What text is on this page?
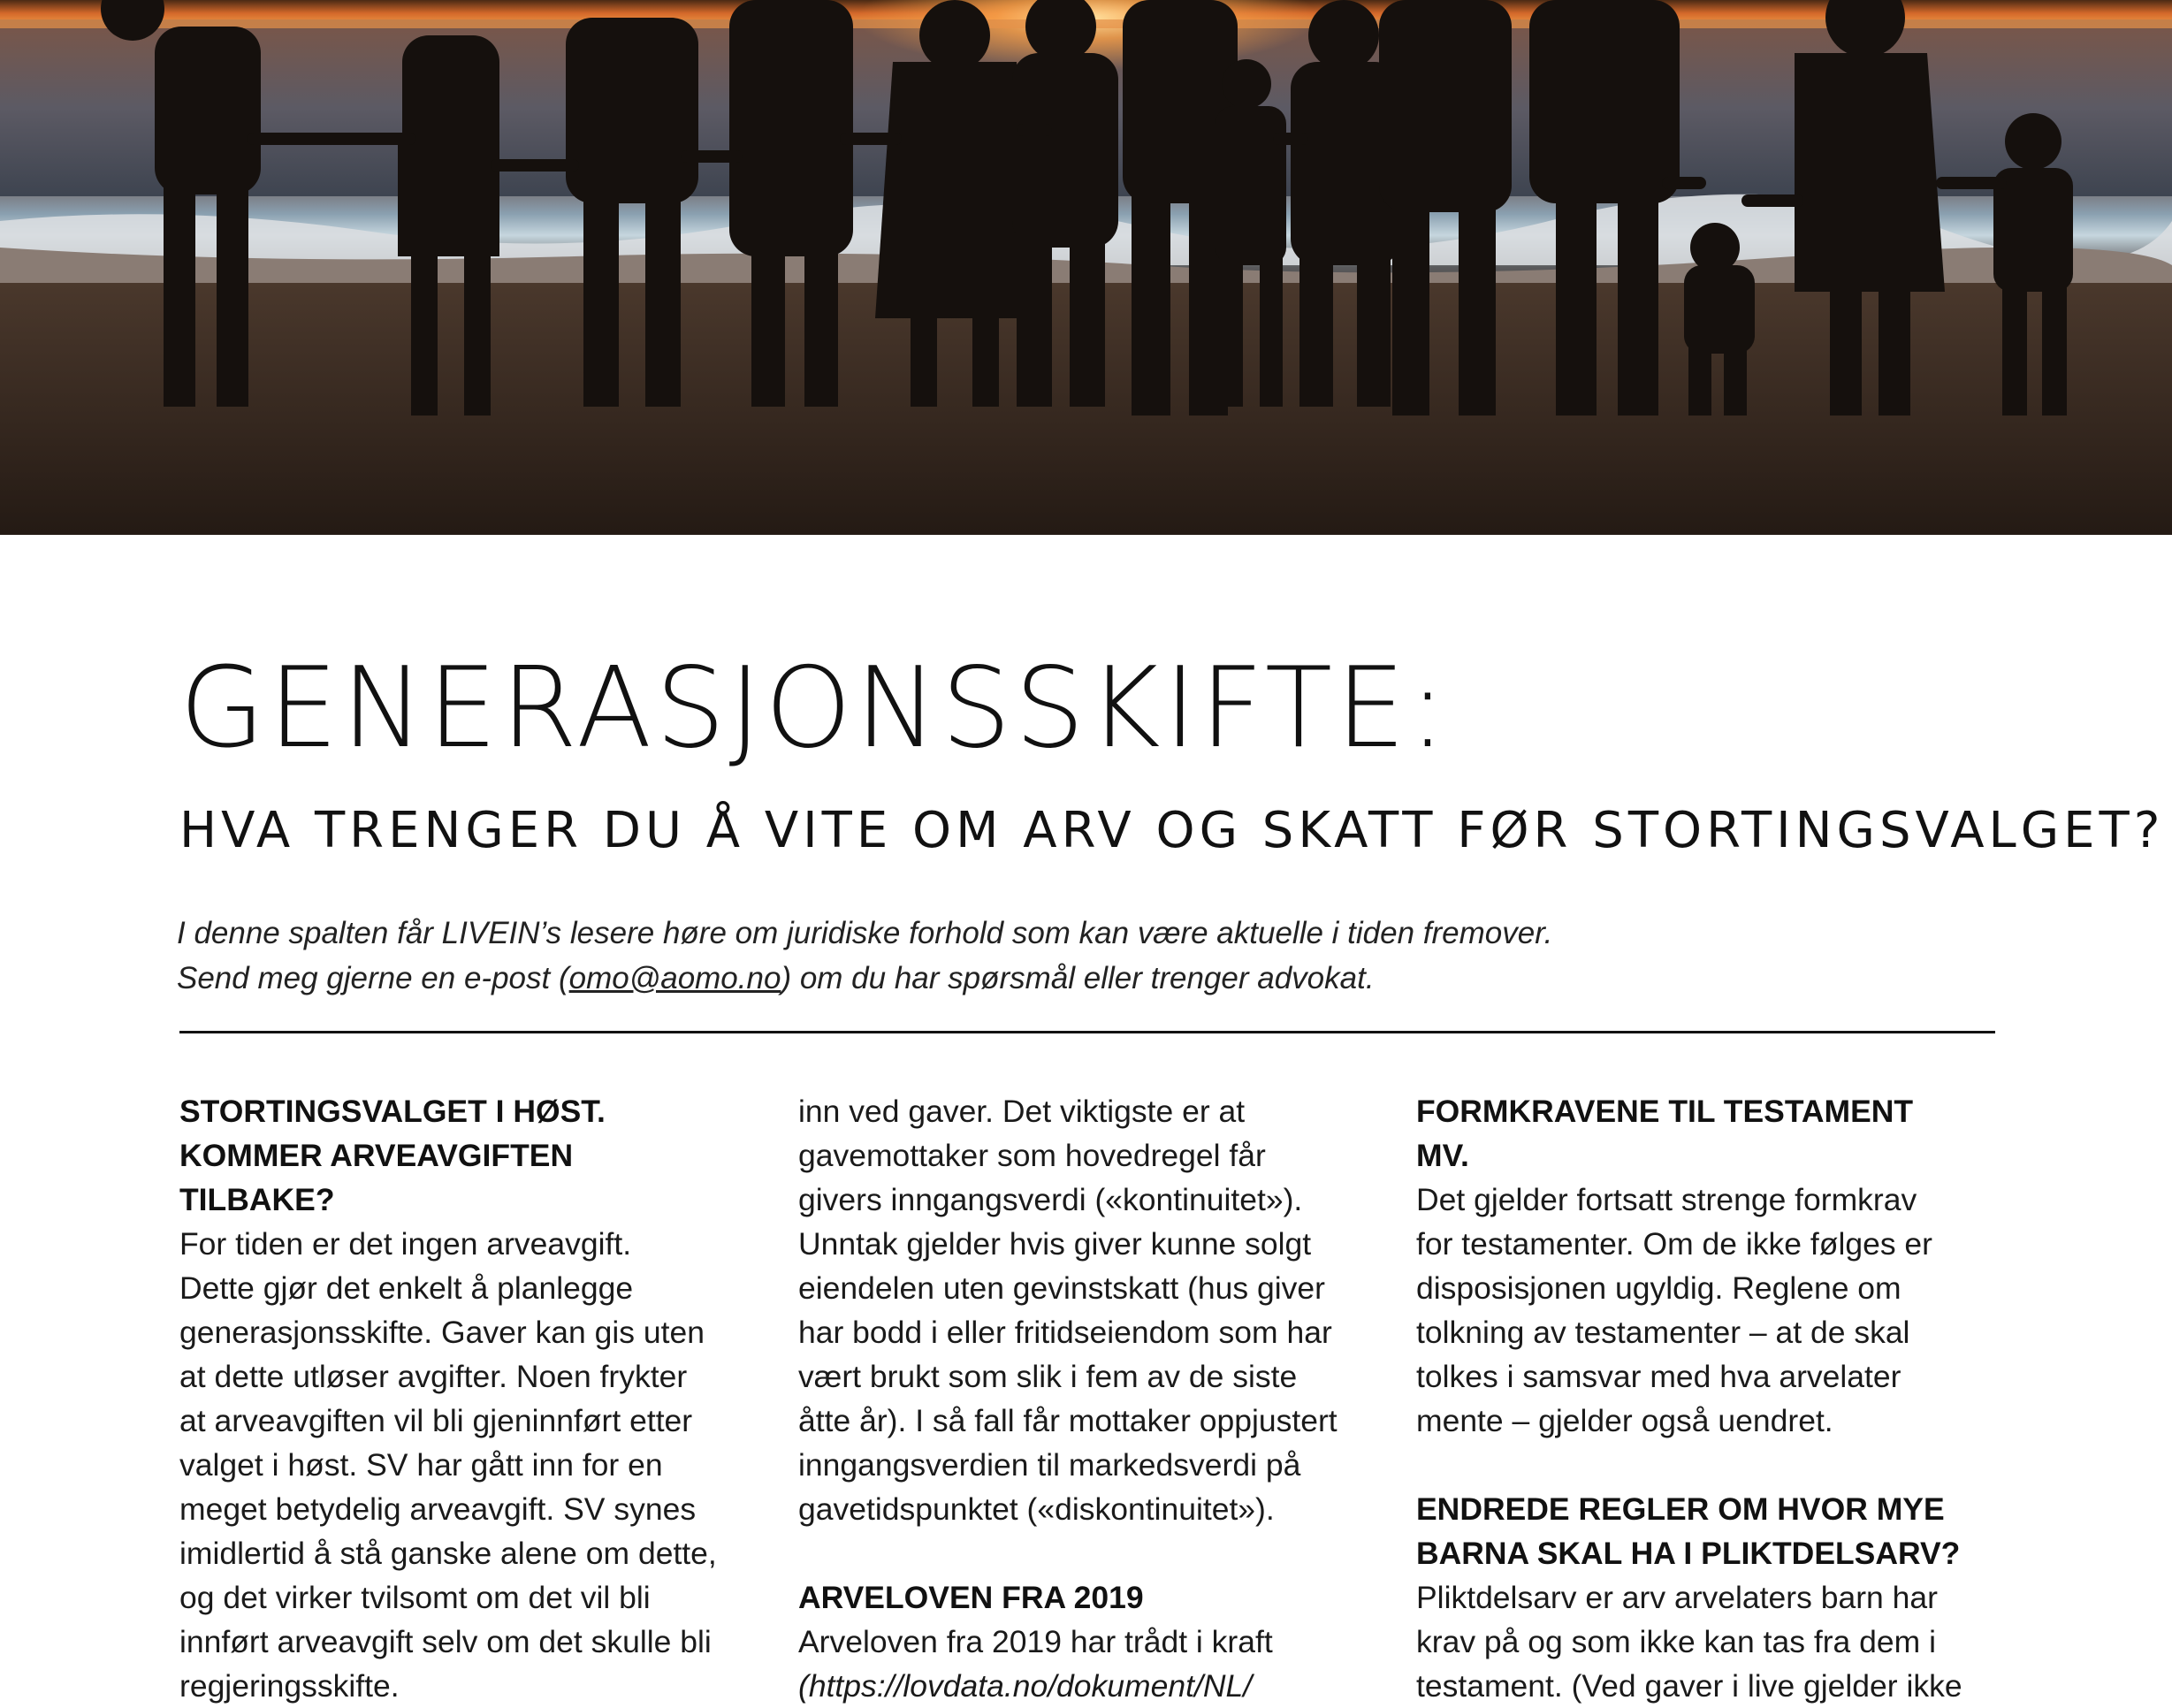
GENERASJONSSKIFTE:
HVA TRENGER DU Å VITE OM ARV OG SKATT FØR STORTINGSVALGET?

I denne spalten får LIVEIN’s lesere høre om juridiske forhold som kan være aktuelle i tiden fremover.

Send meg gjerne en e-post (omo@aomo.no) om du har spørsmål eller trenger advokat.

STORTINGSVALGET I HØST.
KOMMER ARVEAVGIFTEN
TILBAKE?

For tiden er det ingen arveavgift.

Dette gjør det enkelt å planlegge

generasjonsskifte. Gaver kan gis uten

at dette utløser avgifter. Noen frykter

at arveavgiften vil bli gjeninnført etter

valget i høst. SV har gått inn for en

meget betydelig arveavgift. SV synes

imidlertid å stå ganske alene om dette,

og det virker tvilsomt om det vil bli

innført arveavgift selv om det skulle bli

regjeringsskifte.

inn ved gaver. Det viktigste er at

gavemottaker som hovedregel får

givers inngangsverdi («kontinuitet»).

Unntak gjelder hvis giver kunne solgt

eiendelen uten gevinstskatt (hus giver

har bodd i eller fritidseiendom som har

vært brukt som slik i fem av de siste

åtte år). I så fall får mottaker oppjustert

inngangsverdien til markedsverdi på

gavetidspunktet («diskontinuitet»).

ARVELOVEN FRA 2019

Arveloven fra 2019 har trådt i kraft

(https://lovdata.no/dokument/NL/

FORMKRAVENE TIL TESTAMENT
MV.

Det gjelder fortsatt strenge formkrav

for testamenter. Om de ikke følges er

disposisjonen ugyldig. Reglene om

tolkning av testamenter – at de skal

tolkes i samsvar med hva arvelater

mente – gjelder også uendret.

ENDREDE REGLER OM HVOR MYE
BARNA SKAL HA I PLIKTDELSARV?

Pliktdelsarv er arv arvelaters barn har

krav på og som ikke kan tas fra dem i

testament. (Ved gaver i live gjelder ikke
